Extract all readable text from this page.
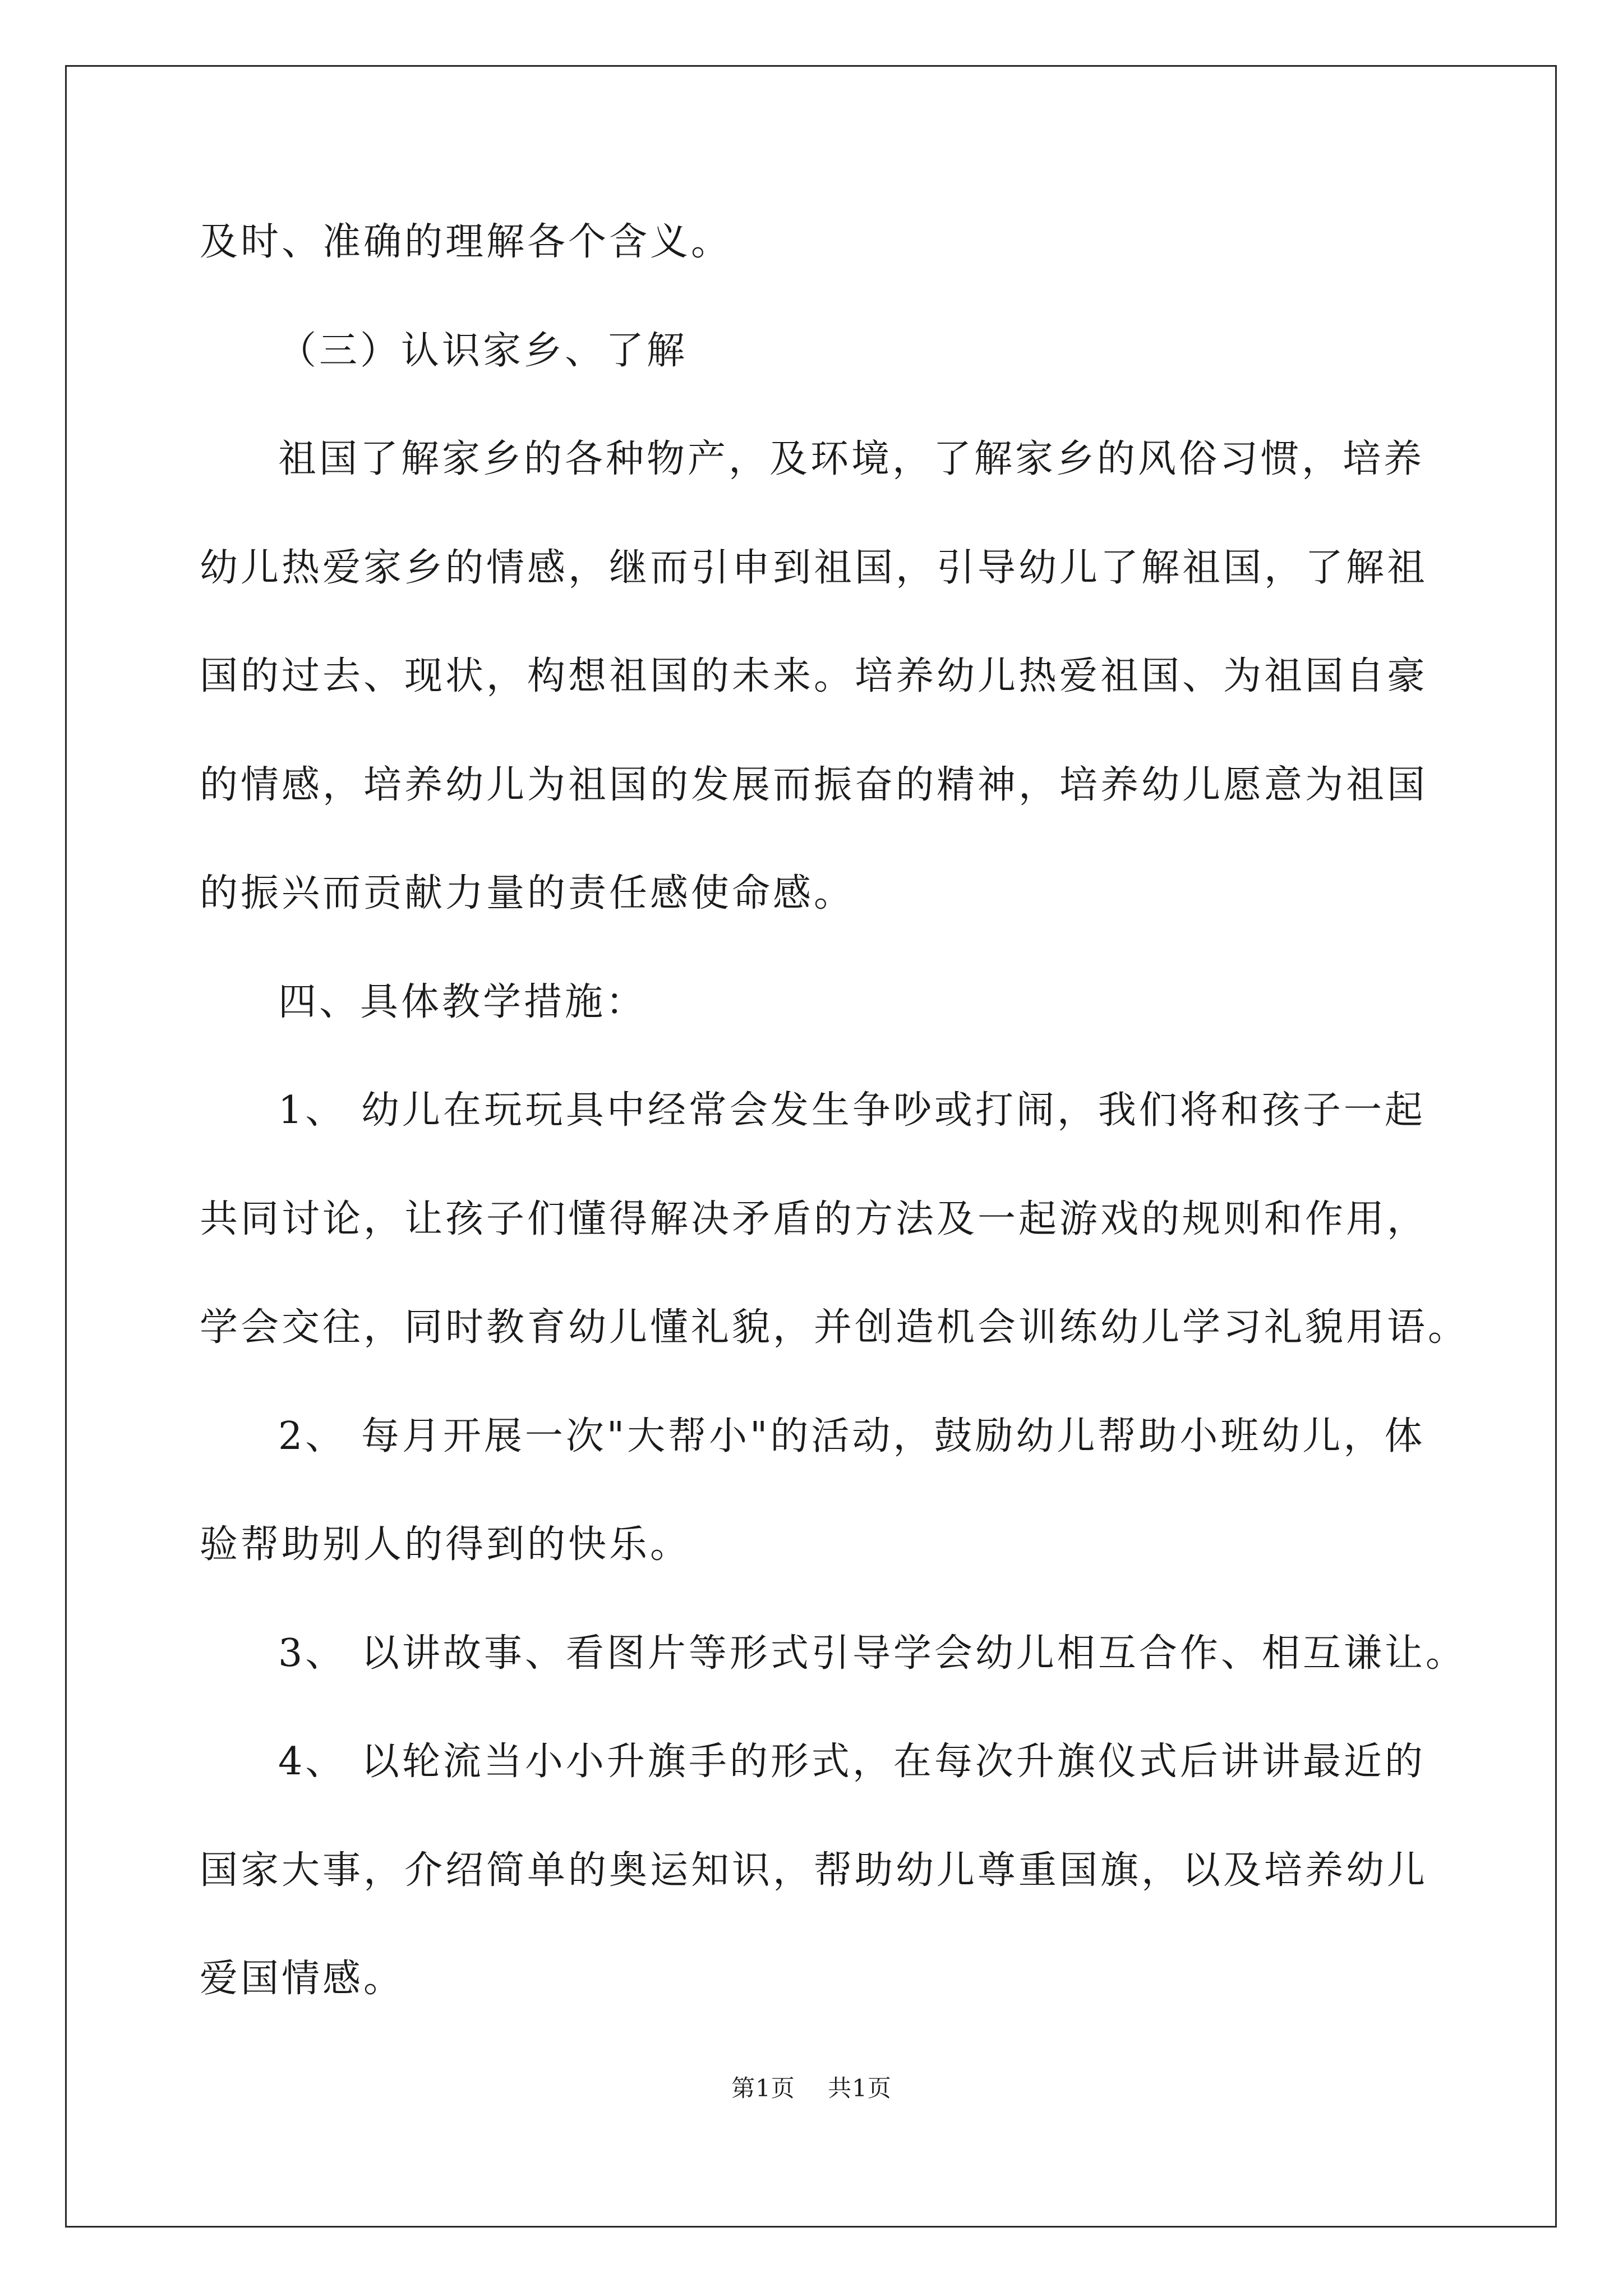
及时、准确的理解各个含义。
（三）认识家乡、了解
祖国了解家乡的各种物产，及环境，了解家乡的风俗习惯，培养
幼儿热爱家乡的情感，继而引申到祖国，引导幼儿了解祖国，了解祖
国的过去、现状，构想祖国的未来。培养幼儿热爱祖国、为祖国自豪
的情感，培养幼儿为祖国的发展而振奋的精神，培养幼儿愿意为祖国
的振兴而贡献力量的责任感使命感。
四、具体教学措施：
1、 幼儿在玩玩具中经常会发生争吵或打闹，我们将和孩子一起
共同讨论，让孩子们懂得解决矛盾的方法及一起游戏的规则和作用，
学会交往，同时教育幼儿懂礼貌，并创造机会训练幼儿学习礼貌用语。
2、 每月开展一次"大帮小"的活动，鼓励幼儿帮助小班幼儿，体
验帮助别人的得到的快乐。
3、 以讲故事、看图片等形式引导学会幼儿相互合作、相互谦让。
4、 以轮流当小小升旗手的形式，在每次升旗仪式后讲讲最近的
国家大事，介绍简单的奥运知识，帮助幼儿尊重国旗，以及培养幼儿
爱国情感。
第1页 共1页
